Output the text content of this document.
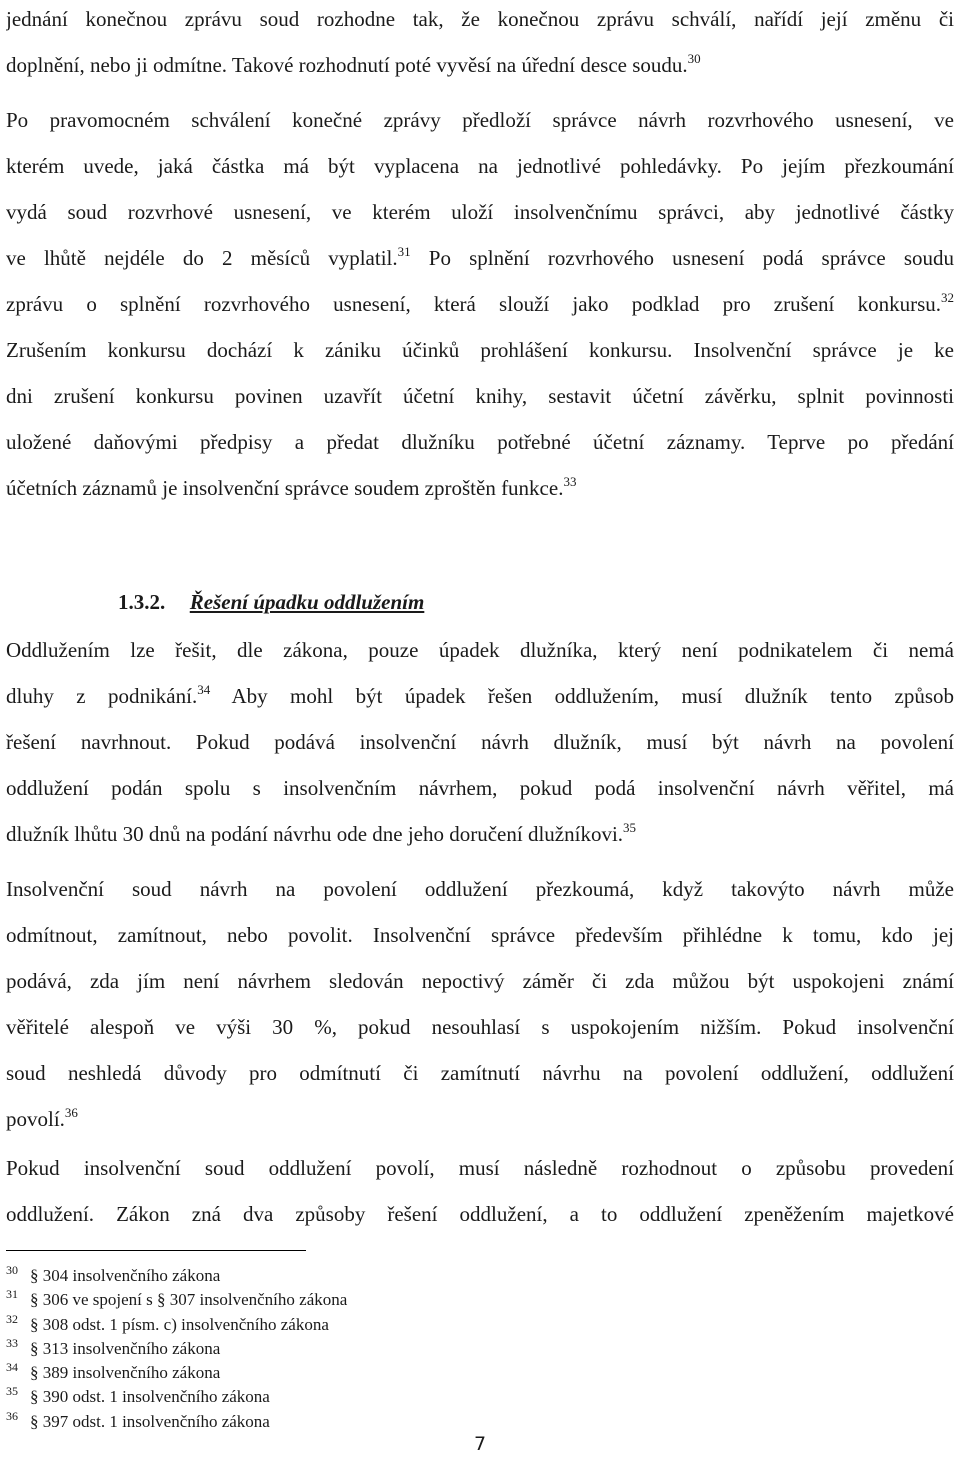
jednání konečnou zprávu soud rozhodne tak, že konečnou zprávu schválí, nařídí její změnu či
doplnění, nebo ji odmítne. Takové rozhodnutí poté vyvěsí na úřední desce soudu.$^{30}$
Po pravomocném schválení konečné zprávy předloží správce návrh rozvrhového usnesení, ve
kterém uvede, jaká částka má být vyplacena na jednotlivé pohledávky. Po jejím přezkoumání
vydá soud rozvrhové usnesení, ve kterém uloží insolvenčnímu správci, aby jednotlivé částky
ve lhůtě nejdéle do 2 měsíců vyplatil.$^{31}$ Po splnění rozvrhového usnesení podá správce soudu
zprávu o splnění rozvrhového usnesení, která slouží jako podklad pro zrušení konkursu.$^{32}$
Zrušením konkursu dochází k zániku účinků prohlášení konkursu. Insolvenční správce je ke
dni zrušení konkursu povinen uzavřít účetní knihy, sestavit účetní závěrku, splnit povinnosti
uložené daňovými předpisy a předat dlužníku potřebné účetní záznamy. Teprve po předání
účetních záznamů je insolvenční správce soudem zproštěn funkce.$^{33}$
1.3.2. Řešení úpadku oddlužením
Oddlužením lze řešit, dle zákona, pouze úpadek dlužníka, který není podnikatelem či nemá
dluhy z podnikání.$^{34}$ Aby mohl být úpadek řešen oddlužením, musí dlužník tento způsob
řešení navrhnout. Pokud podává insolvenční návrh dlužník, musí být návrh na povolení
oddlužení podán spolu s insolvenčním návrhem, pokud podá insolvenční návrh věřitel, má
dlužník lhůtu 30 dnů na podání návrhu ode dne jeho doručení dlužníkovi.$^{35}$
Insolvenční soud návrh na povolení oddlužení přezkoumá, když takovýto návrh může
odmítnout, zamítnout, nebo povolit. Insolvenční správce především přihlédne k tomu, kdo jej
podává, zda jím není návrhem sledován nepoctivý záměr či zda můžou být uspokojeni známí
věřitelé alespoň ve výši 30 %, pokud nesouhlasí s uspokojením nižším. Pokud insolvenční
soud neshledá důvody pro odmítnutí či zamítnutí návrhu na povolení oddlužení, oddlužení
povolí.$^{36}$
Pokud insolvenční soud oddlužení povolí, musí následně rozhodnout o způsobu provedení
oddlužení. Zákon zná dva způsoby řešení oddlužení, a to oddlužení zpeněžením majetkové
$^{30}$ § 304 insolvenčního zákona
$^{31}$ § 306 ve spojení s § 307 insolvenčního zákona
$^{32}$ § 308 odst. 1 písm. c) insolvenčního zákona
$^{33}$ § 313 insolvenčního zákona
$^{34}$ § 389 insolvenčního zákona
$^{35}$ § 390 odst. 1 insolvenčního zákona
$^{36}$ § 397 odst. 1 insolvenčního zákona
7
